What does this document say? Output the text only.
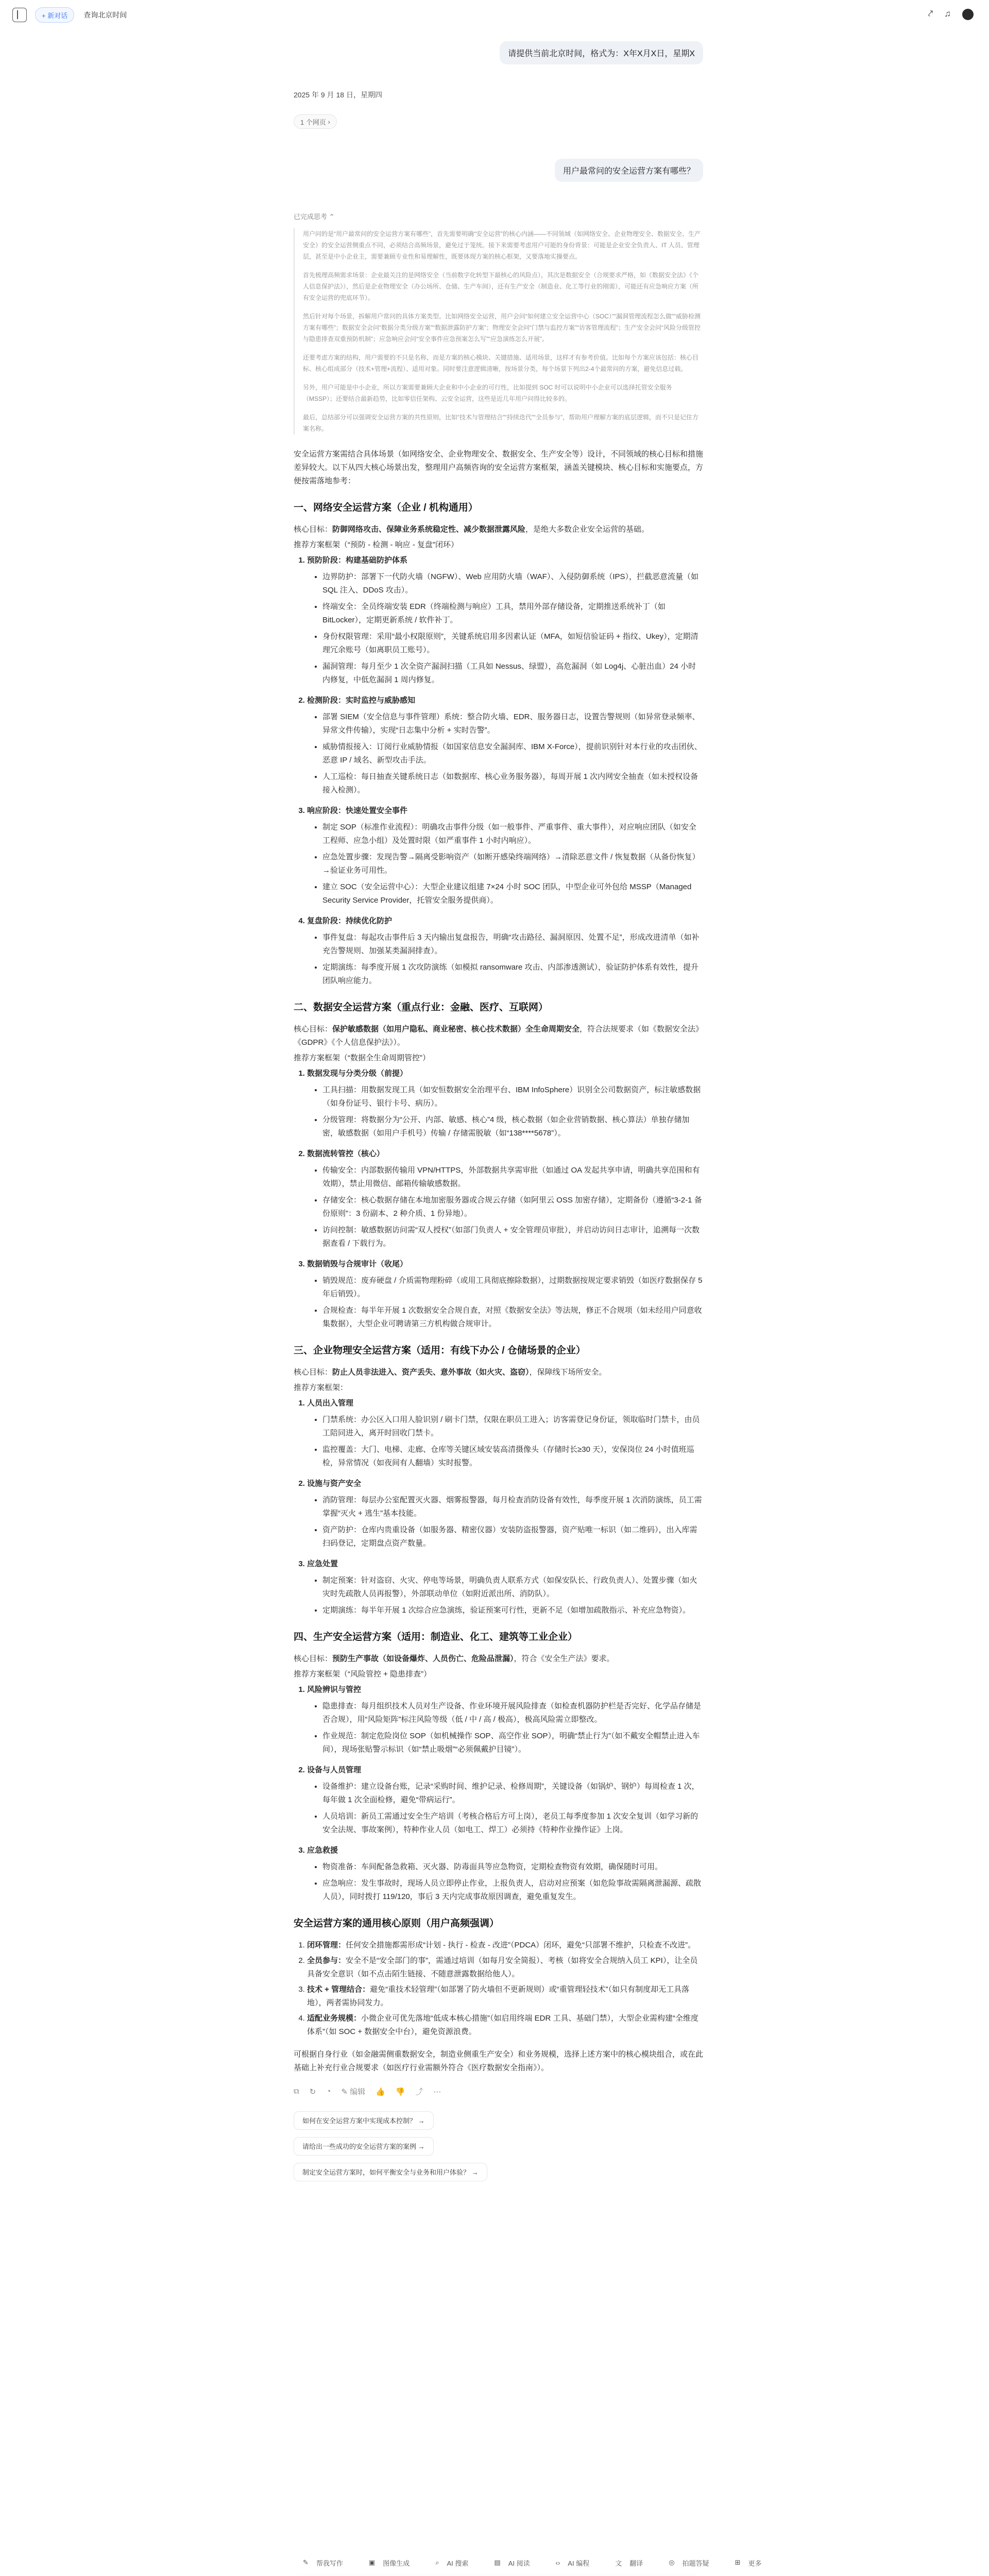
+ 新对话	查询北京时间	⤤ ♫
请提供当前北京时间，格式为：X年X月X日，星期X
2025 年 9 月 18 日，星期四
1 个网页 ›
用户最常问的安全运营方案有哪些？
已完成思考 ⌃

用户问的是“用户最常问的安全运营方案有哪些”，首先需要明确“安全运营”的核心内涵——不同领域（如网络安全、企业物理安全、数据安全、生产安全）的安全运营侧重点不同，必须结合高频场景，避免过于笼统。接下来需要考虑用户可能的身份背景：可能是企业安全负责人、IT 人员、管理层，甚至是中小企业主，需要兼顾专业性和易理解性，既要体现方案的核心框架，又要落地实操要点。

首先梳理高频需求场景：企业最关注的是网络安全（当前数字化转型下最核心的风险点），其次是数据安全（合规要求严格，如《数据安全法》《个人信息保护法》），然后是企业物理安全（办公场所、仓储、生产车间），还有生产安全（制造业、化工等行业的刚需），可能还有应急响应方案（所有安全运营的兜底环节）。

然后针对每个场景，拆解用户常问的具体方案类型。比如网络安全运营，用户会问“如何建立安全运营中心（SOC）”“漏洞管理流程怎么做”“威胁检测方案有哪些”；数据安全会问“数据分类分级方案”“数据泄露防护方案”；物理安全会问“门禁与监控方案”“访客管理流程”；生产安全会问“风险分级管控与隐患排查双重预防机制”；应急响应会问“安全事件应急预案怎么写”“应急演练怎么开展”。

还要考虑方案的结构，用户需要的不只是名称，而是方案的核心模块、关键措施、适用场景，这样才有参考价值。比如每个方案应该包括：核心目标、核心组成部分（技术+管理+流程）、适用对象。同时要注意逻辑清晰，按场景分类，每个场景下列出2-4个最常问的方案，避免信息过载。

另外，用户可能是中小企业，所以方案需要兼顾大企业和中小企业的可行性，比如提到 SOC 时可以说明中小企业可以选择托管安全服务（MSSP）；还要结合最新趋势，比如零信任架构、云安全运营，这些是近几年用户问得比较多的。

最后，总结部分可以强调安全运营方案的共性原则，比如“技术与管理结合”“持续迭代”“全员参与”，帮助用户理解方案的底层逻辑，而不只是记住方案名称。

安全运营方案需结合具体场景（如网络安全、企业物理安全、数据安全、生产安全等）设计，不同领域的核心目标和措施差异较大。以下从四大核心场景出发，整理用户高频咨询的安全运营方案框架，涵盖关键模块、核心目标和实施要点，方便按需落地参考：

一、网络安全运营方案（企业 / 机构通用）

核心目标：防御网络攻击、保障业务系统稳定性、减少数据泄露风险，是绝大多数企业安全运营的基础。

推荐方案框架（“预防 - 检测 - 响应 - 复盘”闭环）

1. 预防阶段：构建基础防护体系
• 边界防护：部署下一代防火墙（NGFW）、Web 应用防火墙（WAF）、入侵防御系统（IPS），拦截恶意流量（如 SQL 注入、DDoS 攻击）。
• 终端安全：全员终端安装 EDR（终端检测与响应）工具，禁用外部存储设备，定期推送系统补丁（如 BitLocker），定期更新系统 / 软件补丁。
• 身份权限管理：采用“最小权限原则”，关键系统启用多因素认证（MFA，如短信验证码 + 指纹、Ukey），定期清理冗余账号（如离职员工账号）。
• 漏洞管理：每月至少 1 次全资产漏洞扫描（工具如 Nessus、绿盟），高危漏洞（如 Log4j、心脏出血）24 小时内修复，中低危漏洞 1 周内修复。
2. 检测阶段：实时监控与威胁感知
• 部署 SIEM（安全信息与事件管理）系统：整合防火墙、EDR、服务器日志，设置告警规则（如异常登录频率、异常文件传输），实现“日志集中分析 + 实时告警”。
• 威胁情报接入：订阅行业威胁情报（如国家信息安全漏洞库、IBM X-Force），提前识别针对本行业的攻击团伙、恶意 IP / 域名、新型攻击手法。
• 人工巡检：每日抽查关键系统日志（如数据库、核心业务服务器），每周开展 1 次内网安全抽查（如未授权设备接入检测）。
3. 响应阶段：快速处置安全事件
• 制定 SOP（标准作业流程）：明确攻击事件分级（如一般事件、严重事件、重大事件），对应响应团队（如安全工程师、应急小组）及处置时限（如严重事件 1 小时内响应）。
• 应急处置步骤：发现告警→隔离受影响资产（如断开感染终端网络）→清除恶意文件 / 恢复数据（从备份恢复）→验证业务可用性。
• 建立 SOC（安全运营中心）：大型企业建议组建 7×24 小时 SOC 团队，中型企业可外包给 MSSP（Managed Security Service Provider，托管安全服务提供商）。
4. 复盘阶段：持续优化防护
• 事件复盘：每起攻击事件后 3 天内输出复盘报告，明确“攻击路径、漏洞原因、处置不足”，形成改进清单（如补充告警规则、加强某类漏洞排查）。
• 定期演练：每季度开展 1 次攻防演练（如模拟 ransomware 攻击、内部渗透测试），验证防护体系有效性，提升团队响应能力。
二、数据安全运营方案（重点行业：金融、医疗、互联网）

核心目标：保护敏感数据（如用户隐私、商业秘密、核心技术数据）全生命周期安全，符合法规要求（如《数据安全法》《GDPR》《个人信息保护法》）。

推荐方案框架（“数据全生命周期管控”）

1. 数据发现与分类分级（前提）
• 工具扫描：用数据发现工具（如安恒数据安全治理平台、IBM InfoSphere）识别全公司数据资产，标注敏感数据（如身份证号、银行卡号、病历）。
• 分级管理：将数据分为“公开、内部、敏感、核心”4 级，核心数据（如企业营销数据、核心算法）单独存储加密，敏感数据（如用户手机号）传输 / 存储需脱敏（如“138****5678”）。
2. 数据流转管控（核心）
• 传输安全：内部数据传输用 VPN/HTTPS，外部数据共享需审批（如通过 OA 发起共享申请，明确共享范围和有效期），禁止用微信、邮箱传输敏感数据。
• 存储安全：核心数据存储在本地加密服务器或合规云存储（如阿里云 OSS 加密存储），定期备份（遵循“3-2-1 备份原则”：3 份副本、2 种介质、1 份异地）。
• 访问控制：敏感数据访问需“双人授权”（如部门负责人 + 安全管理员审批），并启动访问日志审计，追溯每一次数据查看 / 下载行为。
3. 数据销毁与合规审计（收尾）
• 销毁规范：废弃硬盘 / 介质需物理粉碎（或用工具彻底擦除数据），过期数据按规定要求销毁（如医疗数据保存 5 年后销毁）。
• 合规检查：每半年开展 1 次数据安全合规自查，对照《数据安全法》等法规，修正不合规项（如未经用户同意收集数据），大型企业可聘请第三方机构做合规审计。
三、企业物理安全运营方案（适用：有线下办公 / 仓储场景的企业）

核心目标：防止人员非法进入、资产丢失、意外事故（如火灾、盗窃），保障线下场所安全。

推荐方案框架：

1. 人员出入管理
• 门禁系统：办公区入口用人脸识别 / 刷卡门禁，仅限在职员工进入；访客需登记身份证，领取临时门禁卡，由员工陪同进入，离开时回收门禁卡。
• 监控覆盖：大门、电梯、走廊、仓库等关键区域安装高清摄像头（存储时长≥30 天），安保岗位 24 小时值班巡检，异常情况（如夜间有人翻墙）实时报警。
2. 设施与资产安全
• 消防管理：每层办公室配置灭火器、烟雾报警器，每月检查消防设备有效性，每季度开展 1 次消防演练，员工需掌握“灭火 + 逃生”基本技能。
• 资产防护：仓库内贵重设备（如服务器、精密仪器）安装防盗报警器，资产贴唯一标识（如二维码），出入库需扫码登记，定期盘点资产数量。
3. 应急处置
• 制定预案：针对盗窃、火灾、停电等场景，明确负责人联系方式（如保安队长、行政负责人）、处置步骤（如火灾时先疏散人员再报警），外部联动单位（如附近派出所、消防队）。
• 定期演练：每半年开展 1 次综合应急演练，验证预案可行性，更新不足（如增加疏散指示、补充应急物资）。
四、生产安全运营方案（适用：制造业、化工、建筑等工业企业）

核心目标：预防生产事故（如设备爆炸、人员伤亡、危险品泄漏），符合《安全生产法》要求。

推荐方案框架（“风险管控 + 隐患排查”）

1. 风险辨识与管控
• 隐患排查：每月组织技术人员对生产设备、作业环境开展风险排查（如检查机器防护栏是否完好、化学品存储是否合规），用“风险矩阵”标注风险等级（低 / 中 / 高 / 极高），极高风险需立即整改。
• 作业规范：制定危险岗位 SOP（如机械操作 SOP、高空作业 SOP），明确“禁止行为”（如不戴安全帽禁止进入车间），现场张贴警示标识（如“禁止吸烟”“必须佩戴护目镜”）。
2. 设备与人员管理
• 设备维护：建立设备台账，记录“采购时间、维护记录、检修周期”，关键设备（如锅炉、钢炉）每周检查 1 次，每年做 1 次全面检修，避免“带病运行”。
• 人员培训：新员工需通过安全生产培训（考核合格后方可上岗），老员工每季度参加 1 次安全复训（如学习新的安全法规、事故案例），特种作业人员（如电工、焊工）必须持《特种作业操作证》上岗。
3. 应急救援
• 物资准备：车间配备急救箱、灭火器、防毒面具等应急物资，定期检查物资有效期，确保随时可用。
• 应急响应：发生事故时，现场人员立即停止作业，上报负责人，启动对应预案（如危险事故需隔离泄漏源、疏散人员），同时拨打 119/120，事后 3 天内完成事故原因调查，避免重复发生。
安全运营方案的通用核心原则（用户高频强调）
1. 闭环管理：任何安全措施都需形成“计划 - 执行 - 检查 - 改进”（PDCA）闭环，避免“只部署不维护，只检查不改进”。
2. 全员参与：安全不是“安全部门的事”，需通过培训（如每月安全简报）、考核（如将安全合规纳入员工 KPI），让全员具备安全意识（如不点击陌生链接、不随意泄露数据给他人）。
3. 技术 + 管理结合：避免“重技术轻管理”（如部署了防火墙但不更新规则）或“重管理轻技术”（如只有制度却无工具落地），两者需协同发力。
4. 适配业务规模：小微企业可优先落地“低成本核心措施”（如启用终端 EDR 工具、基础门禁），大型企业需构建“全维度体系”（如 SOC + 数据安全中台），避免资源浪费。

可根据自身行业（如金融需侧重数据安全，制造业侧重生产安全）和业务规模，选择上述方案中的核心模块组合，或在此基础上补充行业合规要求（如医疗行业需额外符合《医疗数据安全指南》）。

⧉ ↻ ◔ ✎ 编辑 👍 👎 ⤴ ⋯
如何在安全运营方案中实现成本控制？ →
请给出一些成功的安全运营方案的案例 →
制定安全运营方案时，如何平衡安全与业务和用户体验？ →
✎	帮我写作	▣	图像生成	⌕	AI 搜索	▤	AI 阅读	‹›	AI 编程	文	翻译	◎	拍题答疑	⊞	更多
